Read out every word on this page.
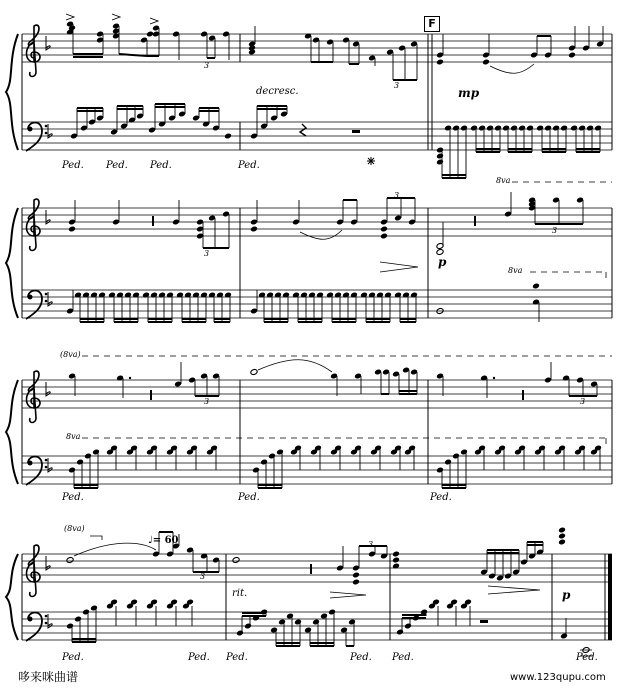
F
decresc.	mp
p
rit.	p
♩= 60
8va
8va
(8va)
8va
(8va)
3
3
3
3
3
3	3
3
3
Ped. Ped. Ped.	Ped.
Ped.	Ped.	Ped.
Ped.	Ped. Ped.	Ped. Ped.	Ped.
哆来咪曲谱	www.123qupu.com
